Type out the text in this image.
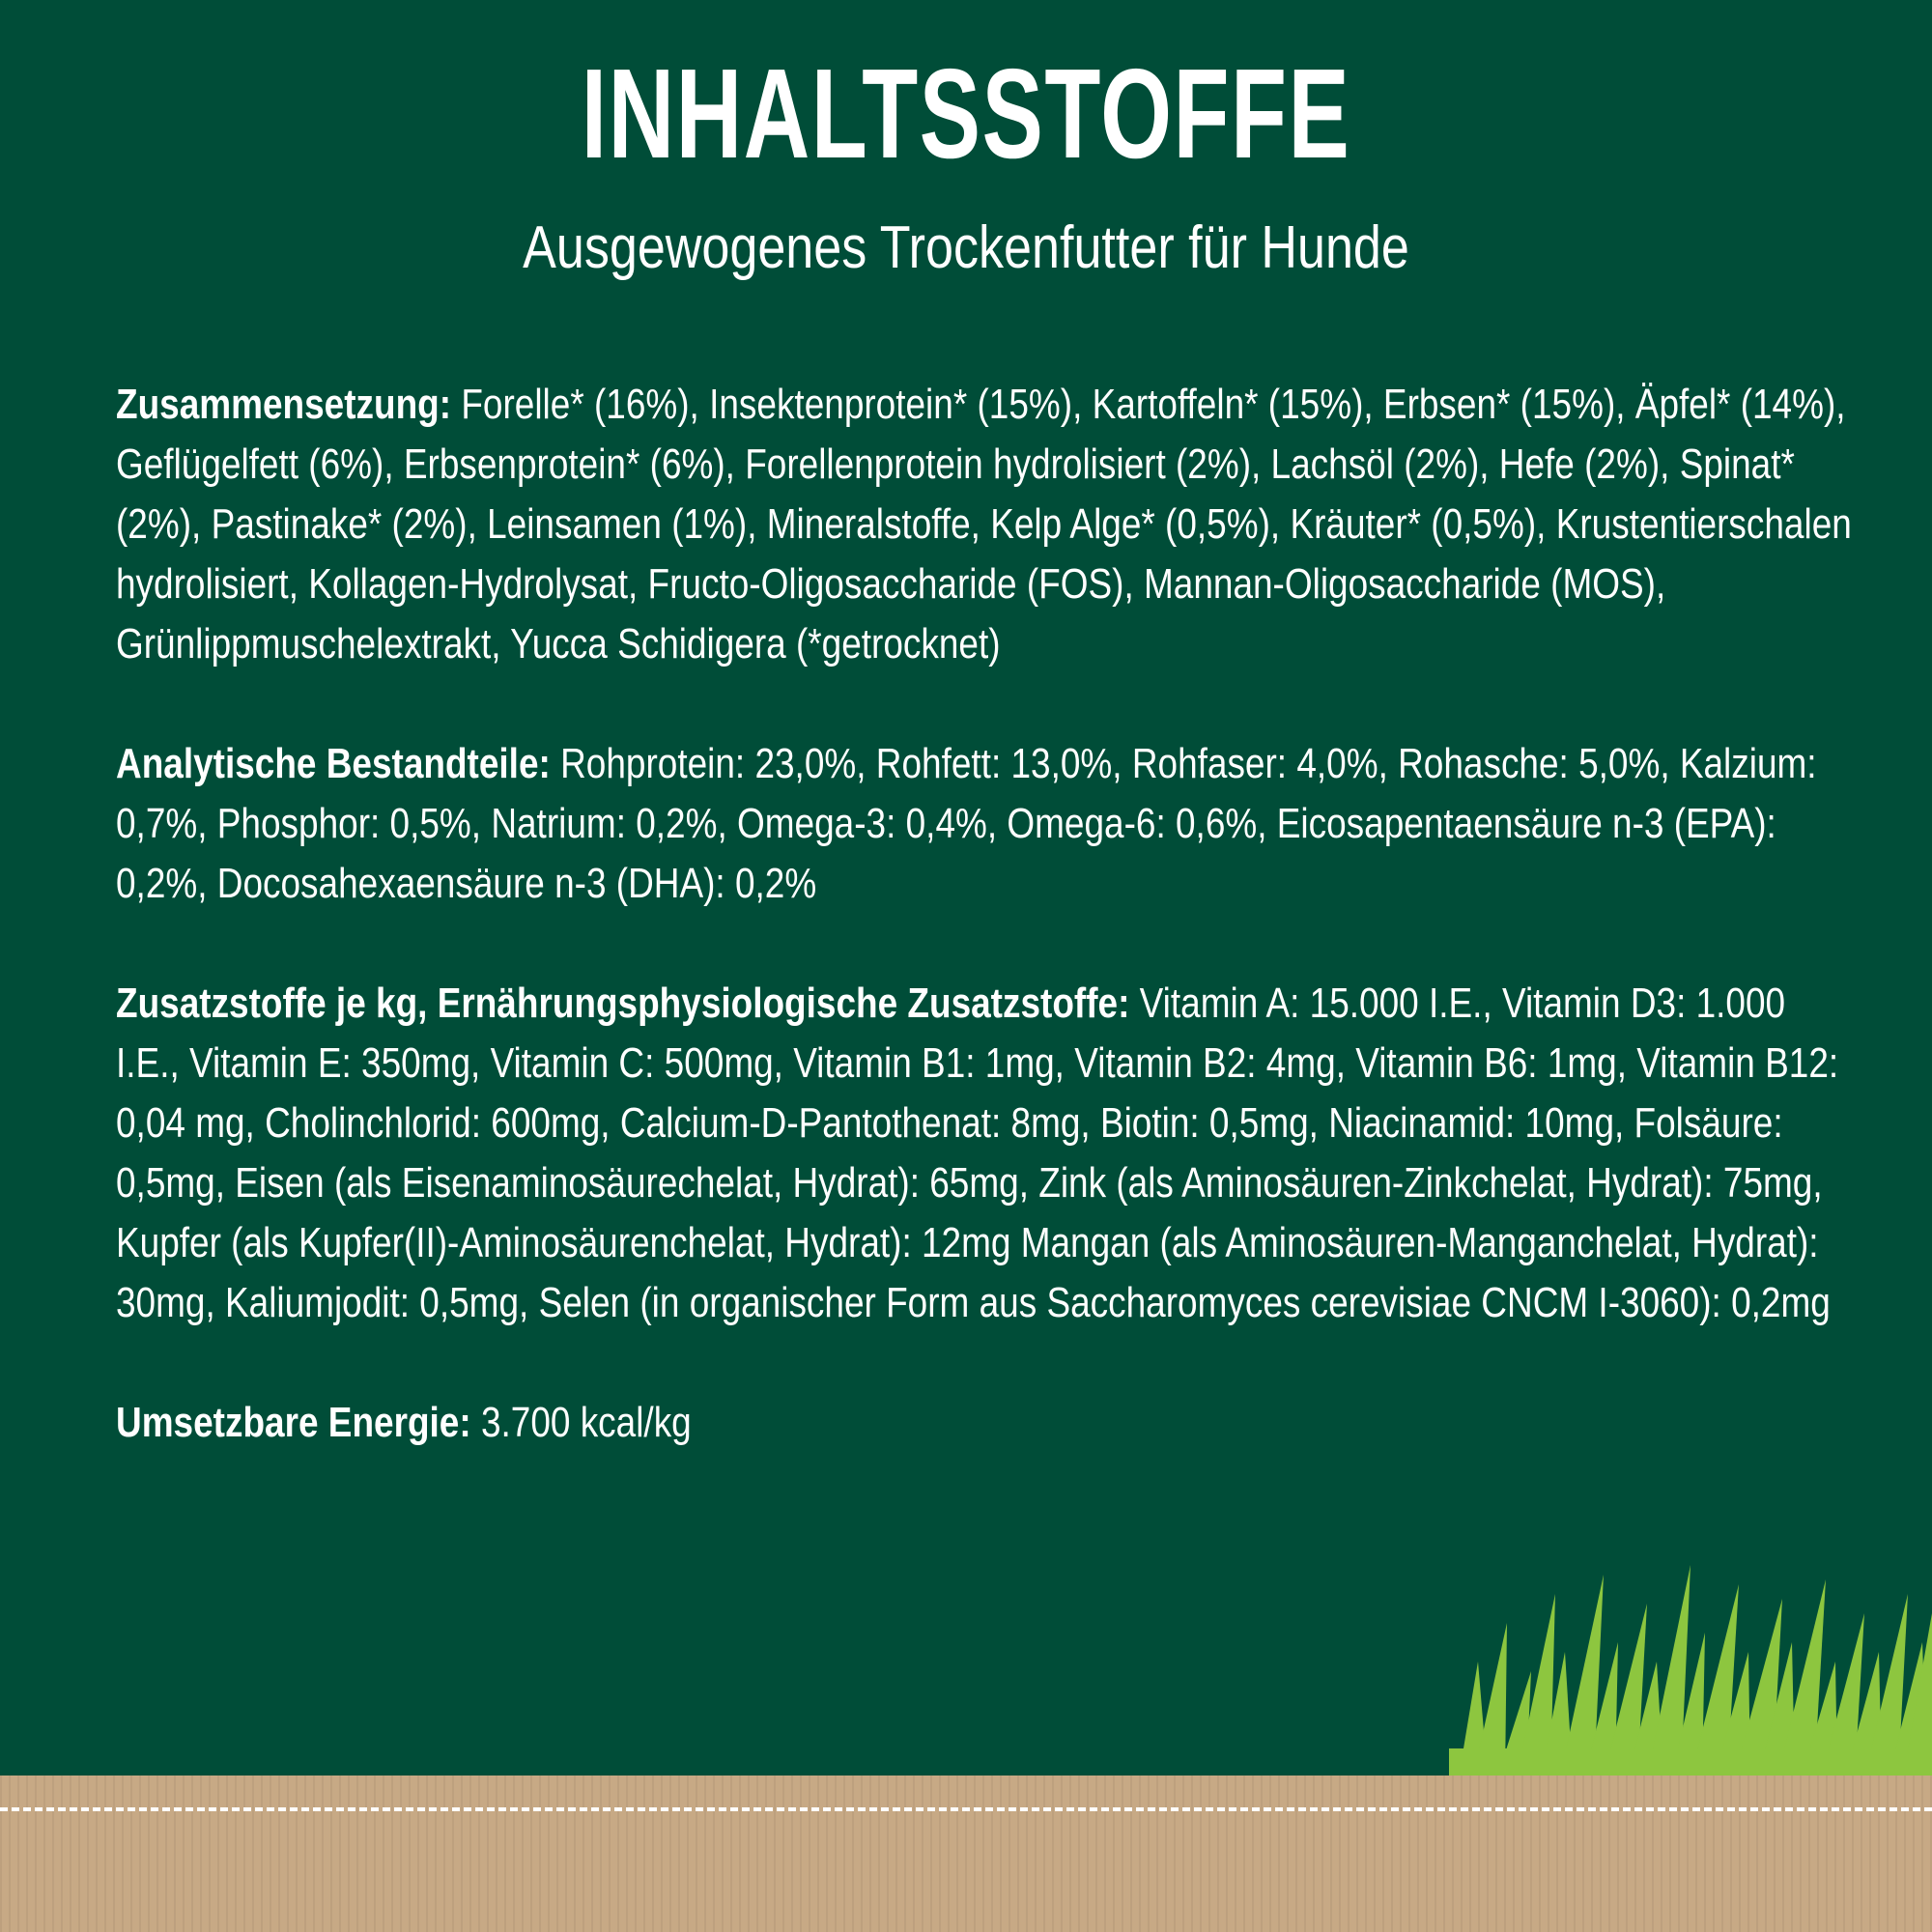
INHALTSSTOFFE
Ausgewogenes Trockenfutter für Hunde

Zusammensetzung: Forelle* (16%), Insektenprotein* (15%), Kartoffeln* (15%), Erbsen* (15%), Äpfel* (14%), Geflügelfett (6%), Erbsenprotein* (6%), Forellenprotein hydrolisiert (2%), Lachsöl (2%), Hefe (2%), Spinat* (2%), Pastinake* (2%), Leinsamen (1%), Mineralstoffe, Kelp Alge* (0,5%), Kräuter* (0,5%), Krustentierschalen hydrolisiert, Kollagen-Hydrolysat, Fructo-Oligosaccharide (FOS), Mannan-Oligosaccharide (MOS), Grünlippmuschelextrakt, Yucca Schidigera (*getrocknet)

Analytische Bestandteile: Rohprotein: 23,0%, Rohfett: 13,0%, Rohfaser: 4,0%, Rohasche: 5,0%, Kalzium: 0,7%, Phosphor: 0,5%, Natrium: 0,2%, Omega-3: 0,4%, Omega-6: 0,6%, Eicosapentaensäure n-3 (EPA): 0,2%, Docosahexaensäure n-3 (DHA): 0,2%

Zusatzstoffe je kg, Ernährungsphysiologische Zusatzstoffe: Vitamin A: 15.000 I.E., Vitamin D3: 1.000 I.E., Vitamin E: 350mg, Vitamin C: 500mg, Vitamin B1: 1mg, Vitamin B2: 4mg, Vitamin B6: 1mg, Vitamin B12: 0,04 mg, Cholinchlorid: 600mg, Calcium-D-Pantothenat: 8mg, Biotin: 0,5mg, Niacinamid: 10mg, Folsäure: 0,5mg, Eisen (als Eisenaminosäurechelat, Hydrat): 65mg, Zink (als Aminosäuren-Zinkchelat, Hydrat): 75mg, Kupfer (als Kupfer(II)-Aminosäurenchelat, Hydrat): 12mg Mangan (als Aminosäuren-Manganchelat, Hydrat): 30mg, Kaliumjodit: 0,5mg, Selen (in organischer Form aus Saccharomyces cerevisiae CNCM I-3060): 0,2mg

Umsetzbare Energie: 3.700 kcal/kg
